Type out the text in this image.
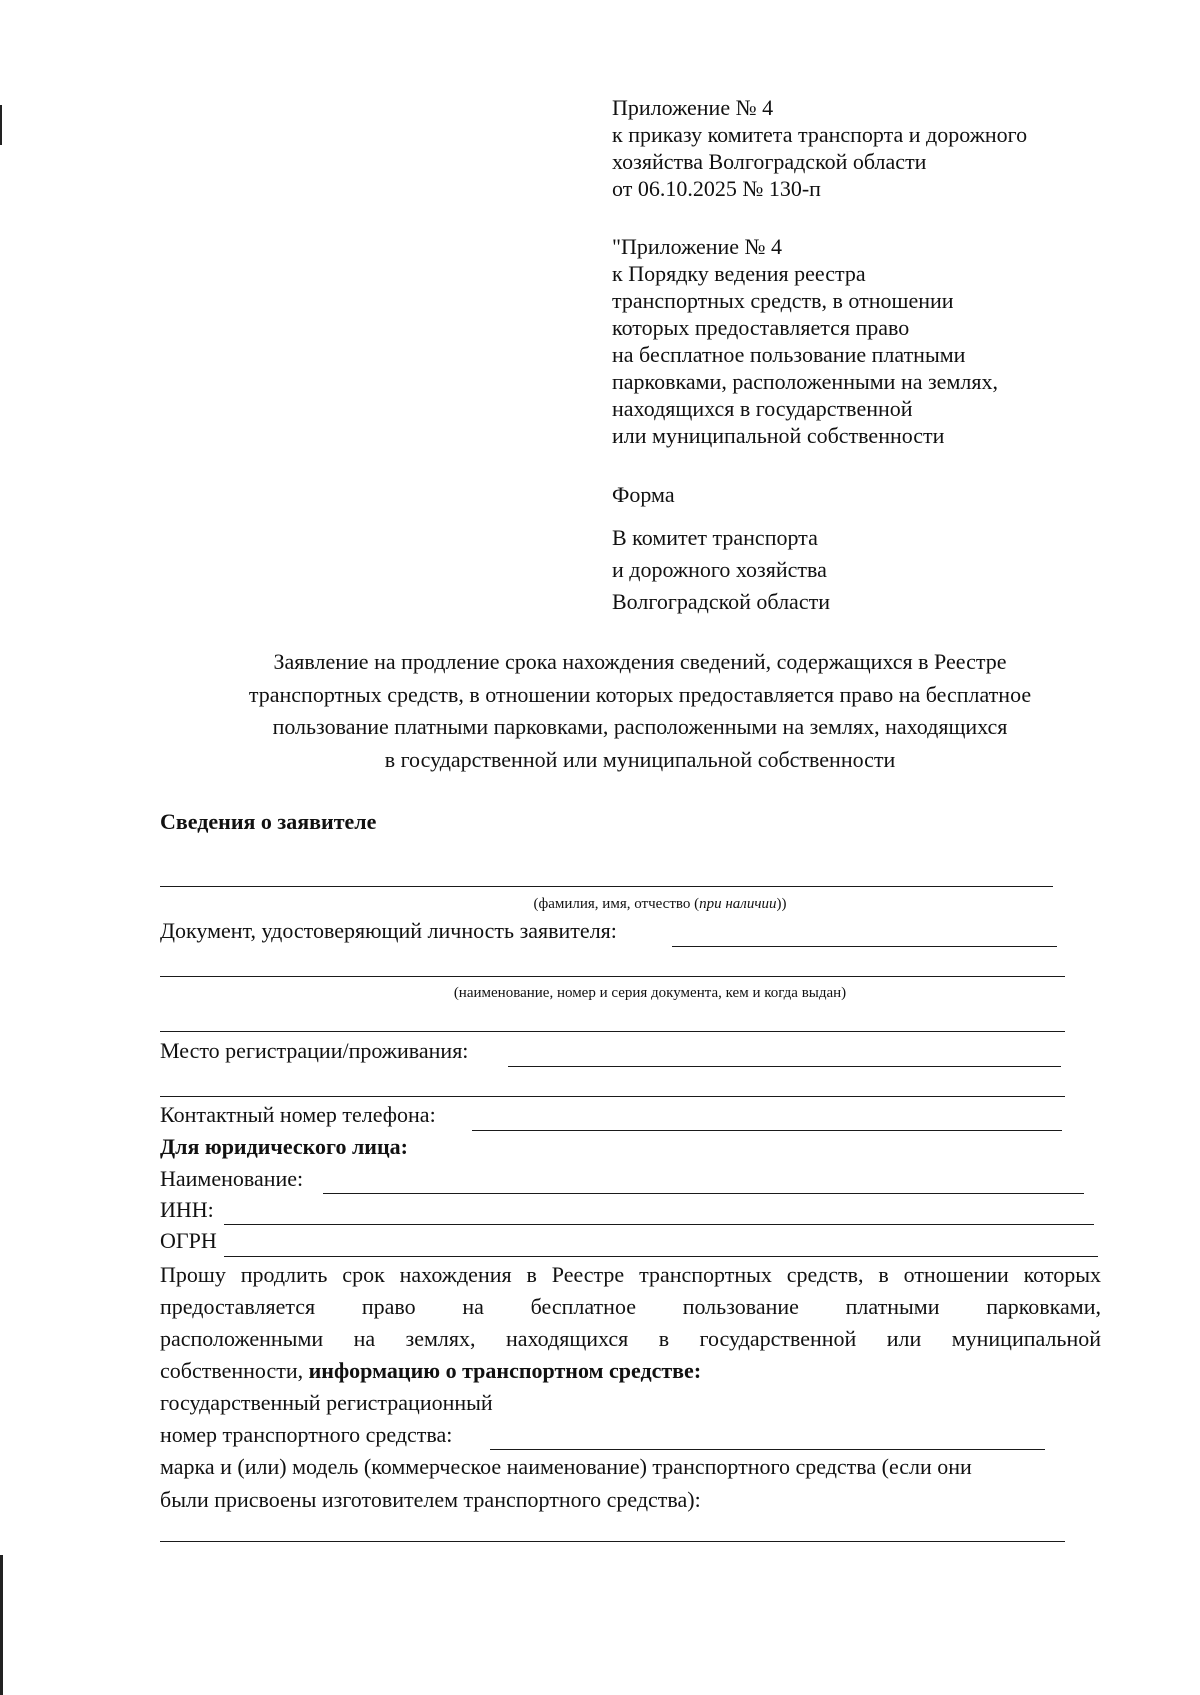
Приложение № 4
к приказу комитета транспорта и дорожного
хозяйства Волгоградской области
от 06.10.2025 № 130-п
"Приложение № 4
к Порядку ведения реестра
транспортных средств, в отношении
которых предоставляется право
на бесплатное пользование платными
парковками, расположенными на землях,
находящихся в государственной
или муниципальной собственности
Форма
В комитет транспорта
и дорожного хозяйства
Волгоградской области
Заявление на продление срока нахождения сведений, содержащихся в Реестре
транспортных средств, в отношении которых предоставляется право на бесплатное
пользование платными парковками, расположенными на землях, находящихся
в государственной или муниципальной собственности
Сведения о заявителе
(фамилия, имя, отчество (при наличии))
Документ, удостоверяющий личность заявителя:
(наименование, номер и серия документа, кем и когда выдан)
Место регистрации/проживания:
Контактный номер телефона:
Для юридического лица:
Наименование:
ИНН:
ОГРН
Прошу продлить срок нахождения в Реестре транспортных средств, в отношении которых
предоставляется право на бесплатное пользование платными парковками,
расположенными на землях, находящихся в государственной или муниципальной
собственности, информацию о транспортном средстве:
государственный регистрационный
номер транспортного средства:
марка и (или) модель (коммерческое наименование) транспортного средства (если они
были присвоены изготовителем транспортного средства):
